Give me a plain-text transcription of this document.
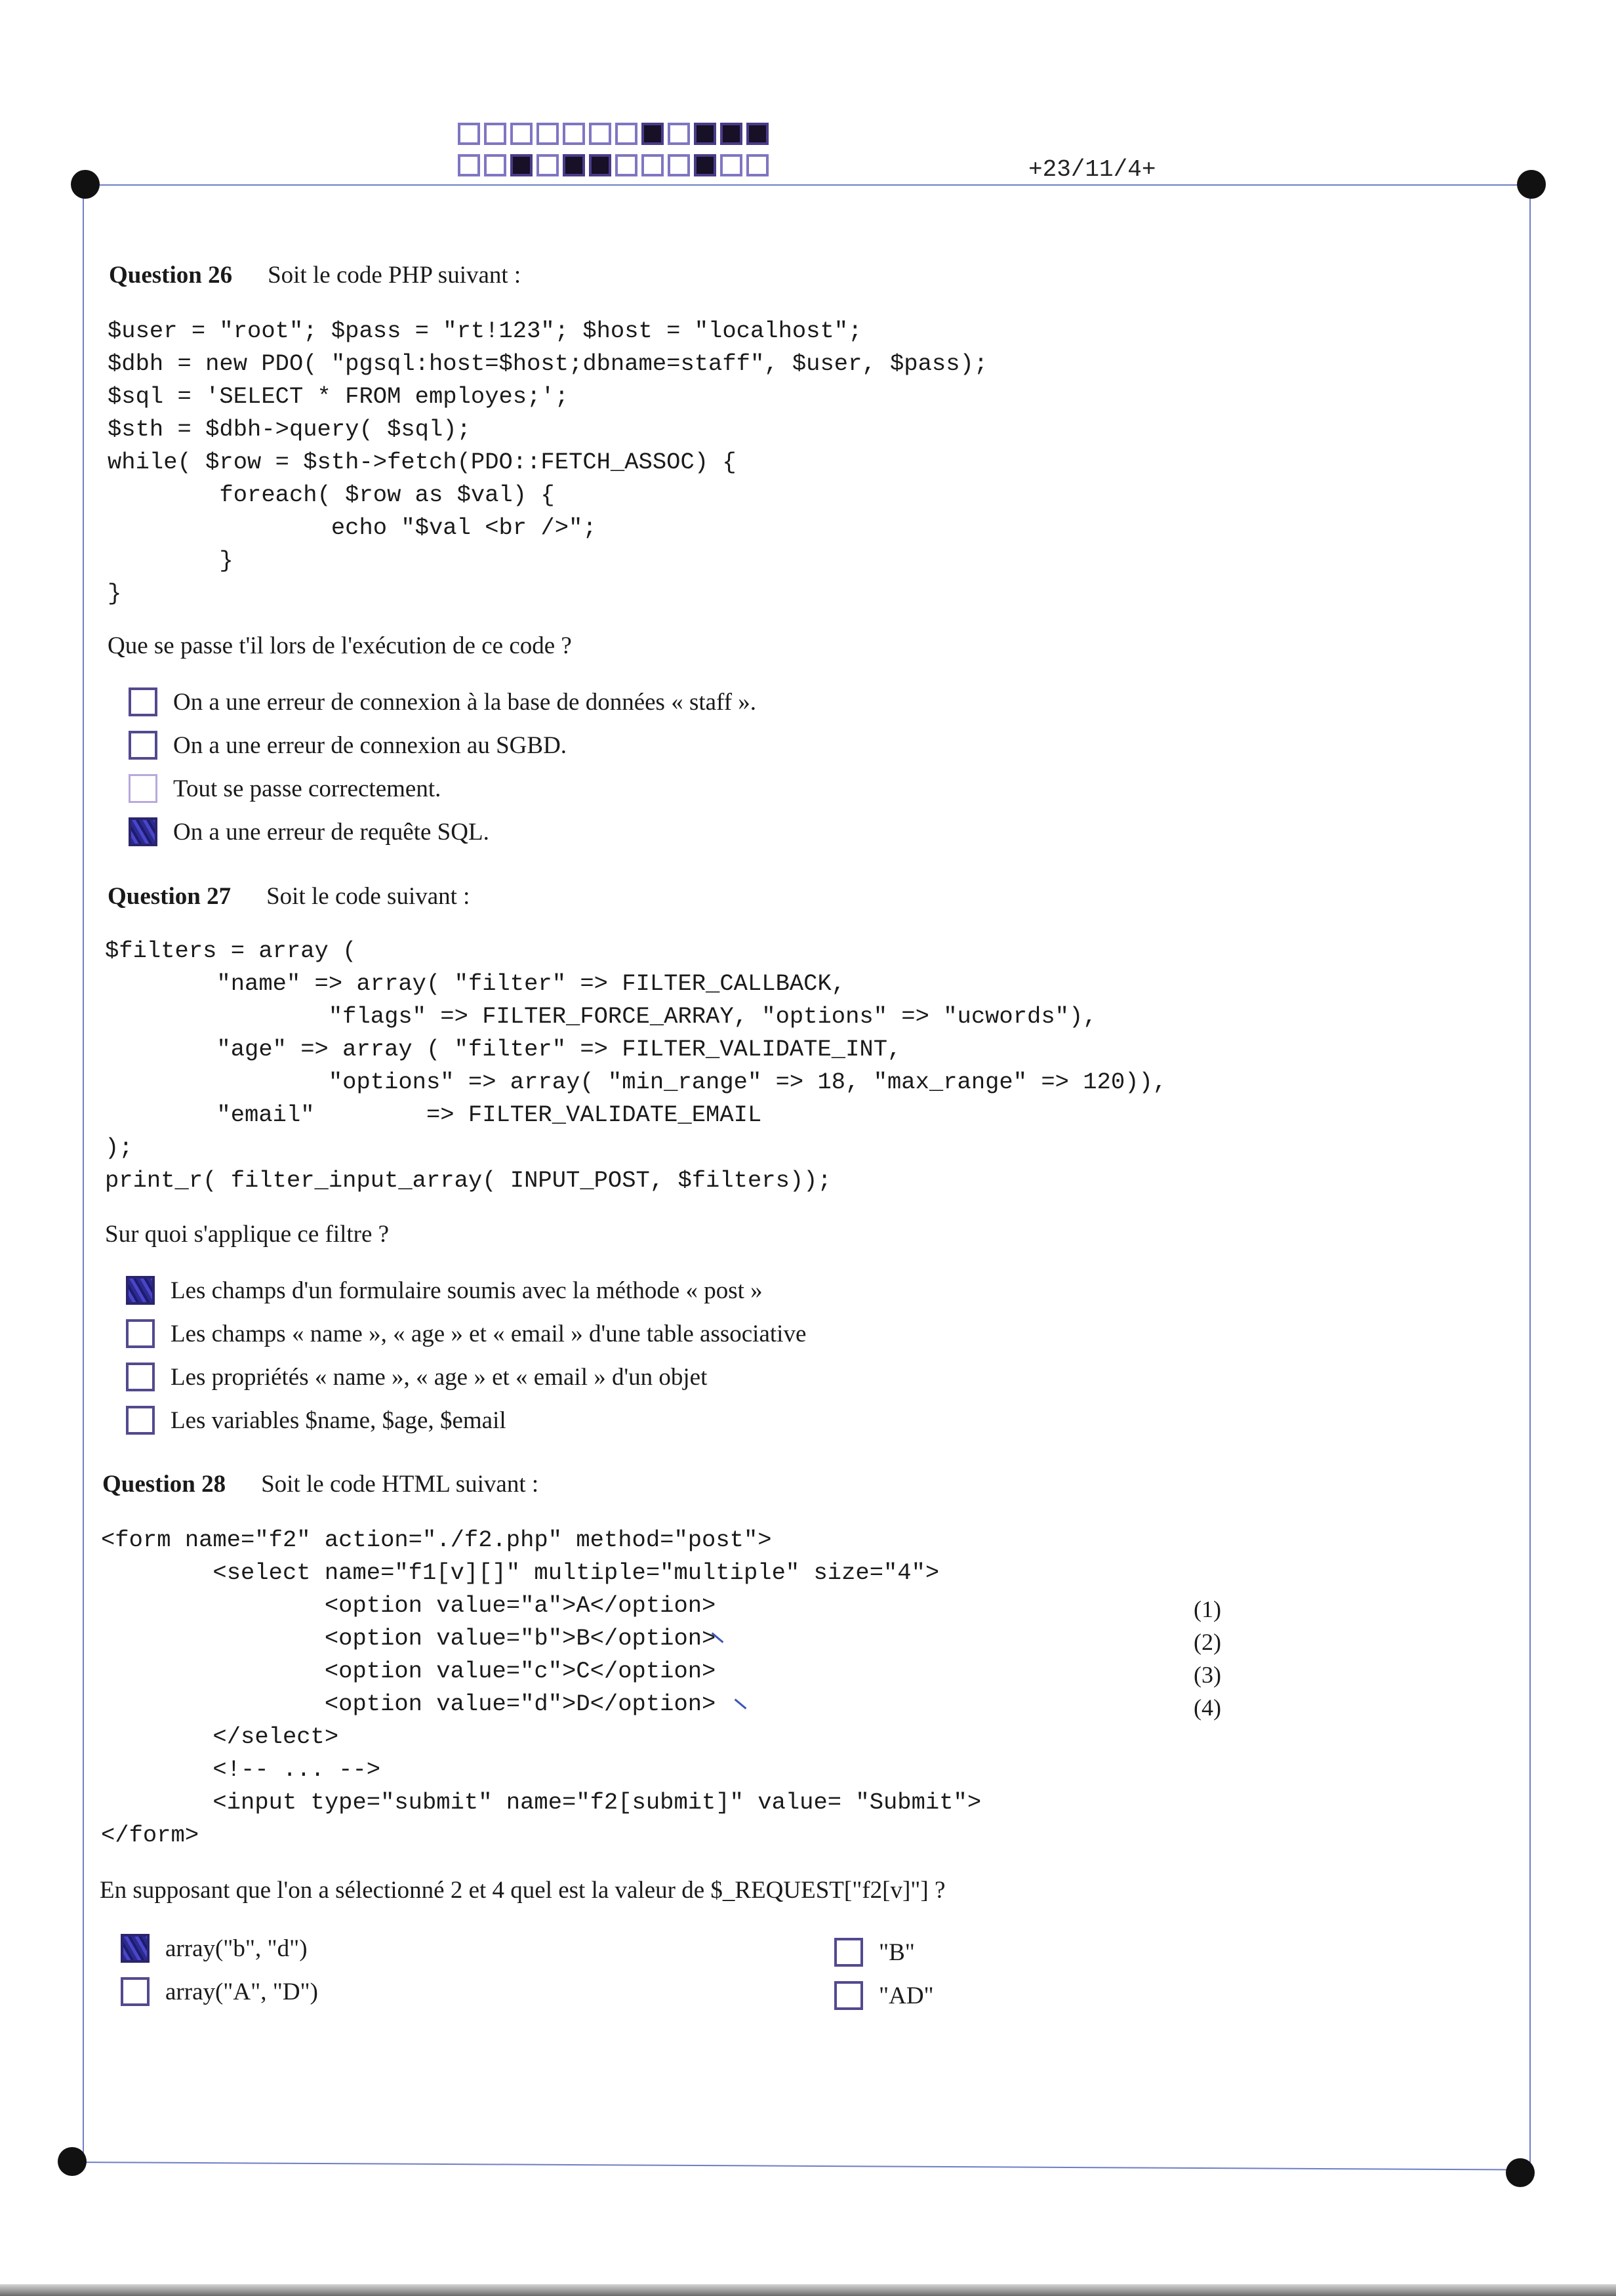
+23/11/4+
Question 26 Soit le code PHP suivant :
$user = "root"; $pass = "rt!123"; $host = "localhost";
$dbh = new PDO( "pgsql:host=$host;dbname=staff", $user, $pass);
$sql = 'SELECT * FROM employes;';
$sth = $dbh->query( $sql);
while( $row = $sth->fetch(PDO::FETCH_ASSOC) {
foreach( $row as $val) {
echo "$val <br />";
}
}
Que se passe t'il lors de l'exécution de ce code ?
On a une erreur de connexion à la base de données « staff ».
On a une erreur de connexion au SGBD.
Tout se passe correctement.
On a une erreur de requête SQL.
Question 27 Soit le code suivant :
$filters = array (
"name" => array( "filter" => FILTER_CALLBACK,
"flags" => FILTER_FORCE_ARRAY, "options" => "ucwords"),
"age" => array ( "filter" => FILTER_VALIDATE_INT,
"options" => array( "min_range" => 18, "max_range" => 120)),
"email"        => FILTER_VALIDATE_EMAIL
);
print_r( filter_input_array( INPUT_POST, $filters));
Sur quoi s'applique ce filtre ?
Les champs d'un formulaire soumis avec la méthode « post »
Les champs « name », « age » et « email » d'une table associative
Les propriétés « name », « age » et « email » d'un objet
Les variables $name, $age, $email
Question 28 Soit le code HTML suivant :
<form name="f2" action="./f2.php" method="post">
<select name="f1[v][]" multiple="multiple" size="4">
<option value="a">A</option>
<option value="b">B</option>
<option value="c">C</option>
<option value="d">D</option>
</select>
<!-- ... -->
<input type="submit" name="f2[submit]" value= "Submit">
</form>
(1)
(2)
(3)
(4)
En supposant que l'on a sélectionné 2 et 4 quel est la valeur de $_REQUEST["f2[v]"] ?
array("b", "d")
array("A", "D")
"B"
"AD"
